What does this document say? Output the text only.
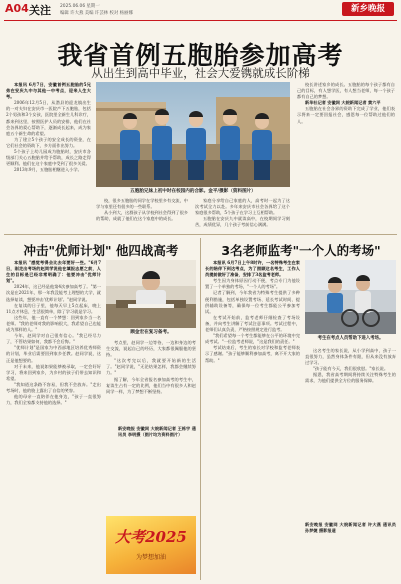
A04 关注 2025.06.06 星期一
编辑 许大燕 美编 许芸林 校对 杨丽娜	新乡晚报
我省首例五胞胎参加高考
从出生到高中毕业，社会大爱镌就成长阶梯

本报讯 6月7日，安徽首例五胞胎的5兄弟在安庆九中与其他一中考点，迎来人生大考。

2006年12月5日，从潜县的迎龙镇出生的一对夫妇在安庆市一医院产下五胞胎，包括2个男孩和3个女孩，医院里全新生儿科诊疗，都来到这里，按照医护人员的安排，他们在社会各界的爱心帮助下，逐渐成长起来，成为家庭五个新生命的希望。

为了建立5个孩子的安全成长的资金，在它们社会的资助下，多方面作出努力。

5个孩子上幼儿园成为胞胎时，安庆市各级部门关心五胞胎并给予帮助，成长之路走得更顺利。他们在这个家庭中受到了很多关爱。

2013年9月，五胞胎相继进入小学。

五胞胎兄妹上初中时在校园内的合影。金平/摄影（资料图片）

校，很多五胞胎的同学在学校里多有交流，中学与家里还有很多的一些联系。

从小到大，这群孩子从学校到社会得到了很多的帮助，成就了他们在这个家庭中的成长。

家庭分享给自己家庭的人，高考时一起为了这次考试全力以赴。多年来安庆市社会各界给了这个家庭很多帮助，5个孩子在学习上互相帮助。

五胞胎在安庆九中就读高中，在校期间学习刻苦，成绩优异，几个孩子考前信心满满。

校长讲述家乡的成长。五胞胎的每个孩子都有自己的目标，有人想学医，有人想当老师，每一个孩子都有自己的梦想。

新华社记者 安徽网 大皖新闻记者 黄六平

五胞胎在社会各界的资助下完成了学业，他们表示将来一定要回报社会，感恩每一位帮助过他们的人。

冲击"优师计划" 他四战高考

本报讯 "感觉考得会比去年要好一些。"6月7日，刚走出考场的赵同学说他在填报志愿之前，人生的目标是已经非常明确了：他要冲击"优师计划"。

2024年，这已经是他第4次参加高考了。"第一次是在2021年，那一年我没能考上理想的大学，就选择复读，想要冲击'优师计划'。"赵同学说。

在复读的日子里，他每天早上5点起床，晚上11点才休息，生活很简单，除了学习就是学习。

这些年，他一直有一个梦想：回到家乡当一名老师。"我的老师对我的影响很大，我希望自己也能成为那样的人。"

今年，赵同学对自己很有信心。"我已经尽力了，不管结果如何，我都不会后悔。"

"优师计划"是国家为中西部地区培养优秀师资的计划，毕业后需要回到家乡任教。赵同学说，这正是他想要的。

对于未来，他说如果能够被录取，一定会好好学习，将来回到家乡，为乡村的孩子们带去知识和希望。

"我知道这条路不容易，但我不会放弃。"走出考场时，他的脸上露出了自信的笑容。

他的母亲一直陪伴在他身边，"孩子一直很努力，我们全家都支持他的选择。"

顾金宏在复习备考。

考点里，赵同学一边等待，一边和身边的考生交流，说起自己的经历，大家都很佩服他的坚持。

"这次考完以后，我就要开始新的生活了。"赵同学说，"无论结果怎样，我都会继续努力。"

据了解，今年全省报名参加高考的考生中，复读生占有一定的比例，他们当中有很多人和赵同学一样，为了梦想不断坚持。

新安晚报 安徽网 大皖新闻记者 王栋宇 通讯员 李明摄（图片均为资料图片）

大考2025
为梦想加油
3名老师监考"一个人的考场"

本报讯 6月7日上午8时许，一名特殊考生在家长的陪伴下到达考点，为了照顾这名考生，工作人员提前做好了准备，安排了3名监考老师。

考生因为身体原因行动不便，考点专门为他设置了一个单独的考场，"一个人的考场"。

记者了解到，今年我省为特殊考生提供了多种便利措施，包括单独设置考场、延长考试时间、提供辅助设备等，确保每一位考生都能公平参加考试。

在考试开始前，监考老师仔细检查了考场设备，并向考生讲解了考试注意事项。考试过程中，老师们认真负责，严格按照规定进行监考。

"我们希望每一个考生都能够在公平的环境中完成考试。"一位监考老师说，"这是我们的责任。"

考试结束后，考生的家长对学校和监考老师表示了感谢。"孩子能够顺利参加高考，离不开大家的帮助。"

考生在考点人员帮助下进入考场。

这名考生的家长说，从小学到高中，孩子一直很努力，虽然身体条件有限，但从来没有放弃过学习。

"孩子能有今天，我们很欣慰。"家长说。

据悉，我省高考期间将持续关注特殊考生的需求，为他们提供全方位的服务保障。

新安晚报 安徽网 大皖新闻记者 许大燕 通讯员 孙梦婕 摄影报道
